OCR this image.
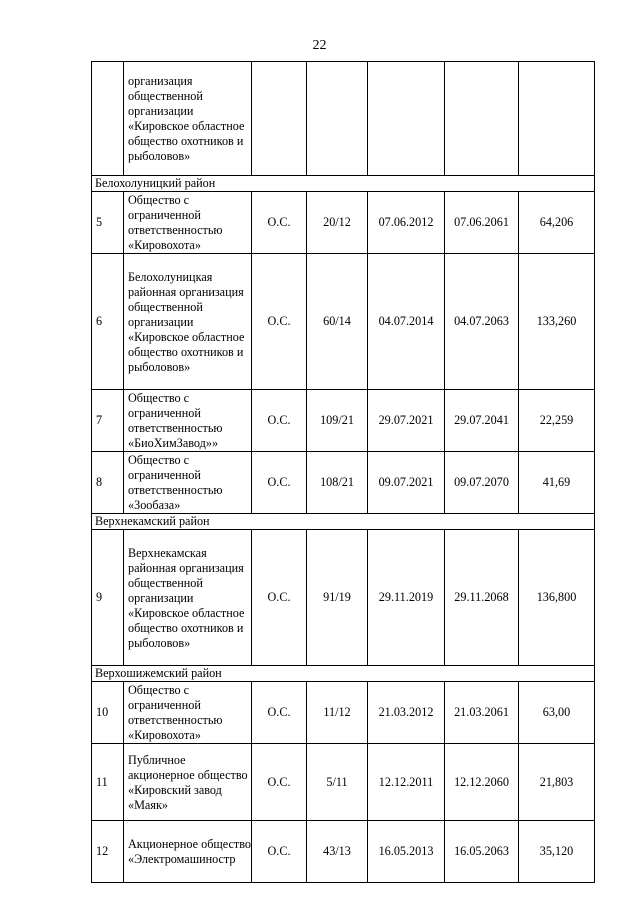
22
	организация общественной организации «Кировское областное общество охотников и рыболовов»					
Белохолуницкий район						
5	Общество с ограниченной ответственностью «Кировохота»	О.С.	20/12	07.06.2012	07.06.2061	64,206
6	Белохолуницкая районная организация общественной организации «Кировское областное общество охотников и рыболовов»	О.С.	60/14	04.07.2014	04.07.2063	133,260
7	Общество с ограниченной ответственностью «БиоХимЗавод»»	О.С.	109/21	29.07.2021	29.07.2041	22,259
8	Общество с ограниченной ответственностью «Зообаза»	О.С.	108/21	09.07.2021	09.07.2070	41,69
Верхнекамский район						
9	Верхнекамская районная организация общественной организации «Кировское областное общество охотников и рыболовов»	О.С.	91/19	29.11.2019	29.11.2068	136,800
Верхошижемский район						
10	Общество с ограниченной ответственностью «Кировохота»	О.С.	11/12	21.03.2012	21.03.2061	63,00
11	Публичное акционерное общество «Кировский завод «Маяк»	О.С.	5/11	12.12.2011	12.12.2060	21,803
12	Акционерное общество «Электромашиностр	О.С.	43/13	16.05.2013	16.05.2063	35,120
